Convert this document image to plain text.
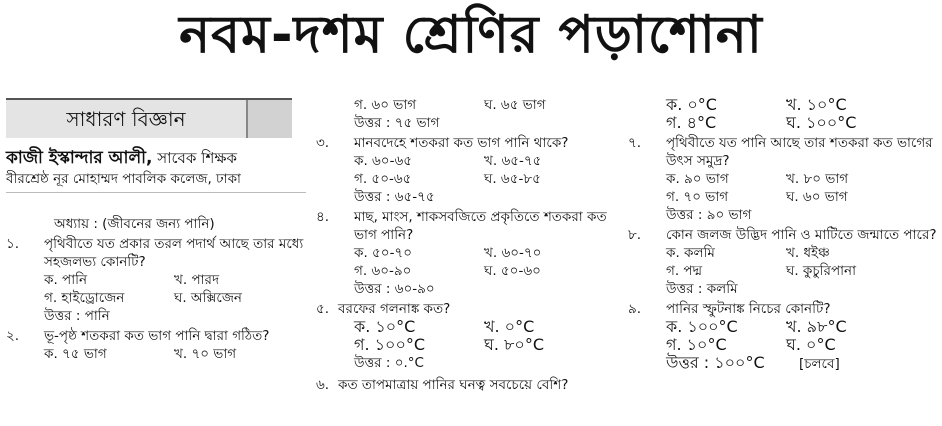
নবম-দশম শ্রেণির পড়াশোনা
সাধারণ বিজ্ঞান
কাজী ইস্কান্দার আলী, সাবেক শিক্ষক
বীরশ্রেষ্ঠ নূর মোহাম্মদ পাবলিক কলেজ, ঢাকা
অধ্যায় : (জীবনের জন্য পানি)
১.	পৃথিবীতে যত প্রকার তরল পদার্থ আছে তার মধ্যে সহজলভ্য কোনটি?
ক. পানি	খ. পারদ
গ. হাইড্রোজেন	ঘ. অক্সিজেন
উত্তর : পানি
২.	ভূ-পৃষ্ঠ শতকরা কত ভাগ পানি দ্বারা গঠিত?
ক. ৭৫ ভাগ	খ. ৭০ ভাগ
গ. ৬০ ভাগ	ঘ. ৬৫ ভাগ
উত্তর : ৭৫ ভাগ
৩.	মানবদেহে শতকরা কত ভাগ পানি থাকে?
ক. ৬০-৬৫	খ. ৬৫-৭৫
গ. ৫০-৬৫	ঘ. ৬৫-৮৫
উত্তর : ৬৫-৭৫
৪.	মাছ, মাংস, শাকসবজিতে প্রকৃতিতে শতকরা কত ভাগ পানি?
ক. ৫০-৭০	খ. ৬০-৭০
গ. ৬০-৯০	ঘ. ৫০-৬০
উত্তর : ৬০-৯০
৫. বরফের গলনাঙ্ক কত?
ক. ১০°C	খ. ০°C
গ. ১০০°C	ঘ. ৮০°C
উত্তর : ০.°C
৬. কত তাপমাত্রায় পানির ঘনত্ব সবচেয়ে বেশি?
ক. ০°C	খ. ১০°C
গ. ৪°C	ঘ. ১০০°C
৭.	পৃথিবীতে যত পানি আছে তার শতকরা কত ভাগের উৎস সমুদ্র?
ক. ৯০ ভাগ	খ. ৮০ ভাগ
গ. ৭০ ভাগ	ঘ. ৬০ ভাগ
উত্তর : ৯০ ভাগ
৮.	কোন জলজ উদ্ভিদ পানি ও মাটিতে জন্মাতে পারে?
ক. কলমি	খ. ধইঞ্চ
গ. পদ্ম	ঘ. কুচুরিপানা
উত্তর : কলমি
৯.	পানির স্ফুটনাঙ্ক নিচের কোনটি?
ক. ১০০°C	খ. ৯৮°C
গ. ১০°C	ঘ. ০°C
উত্তর : ১০০°C	[চলবে]
